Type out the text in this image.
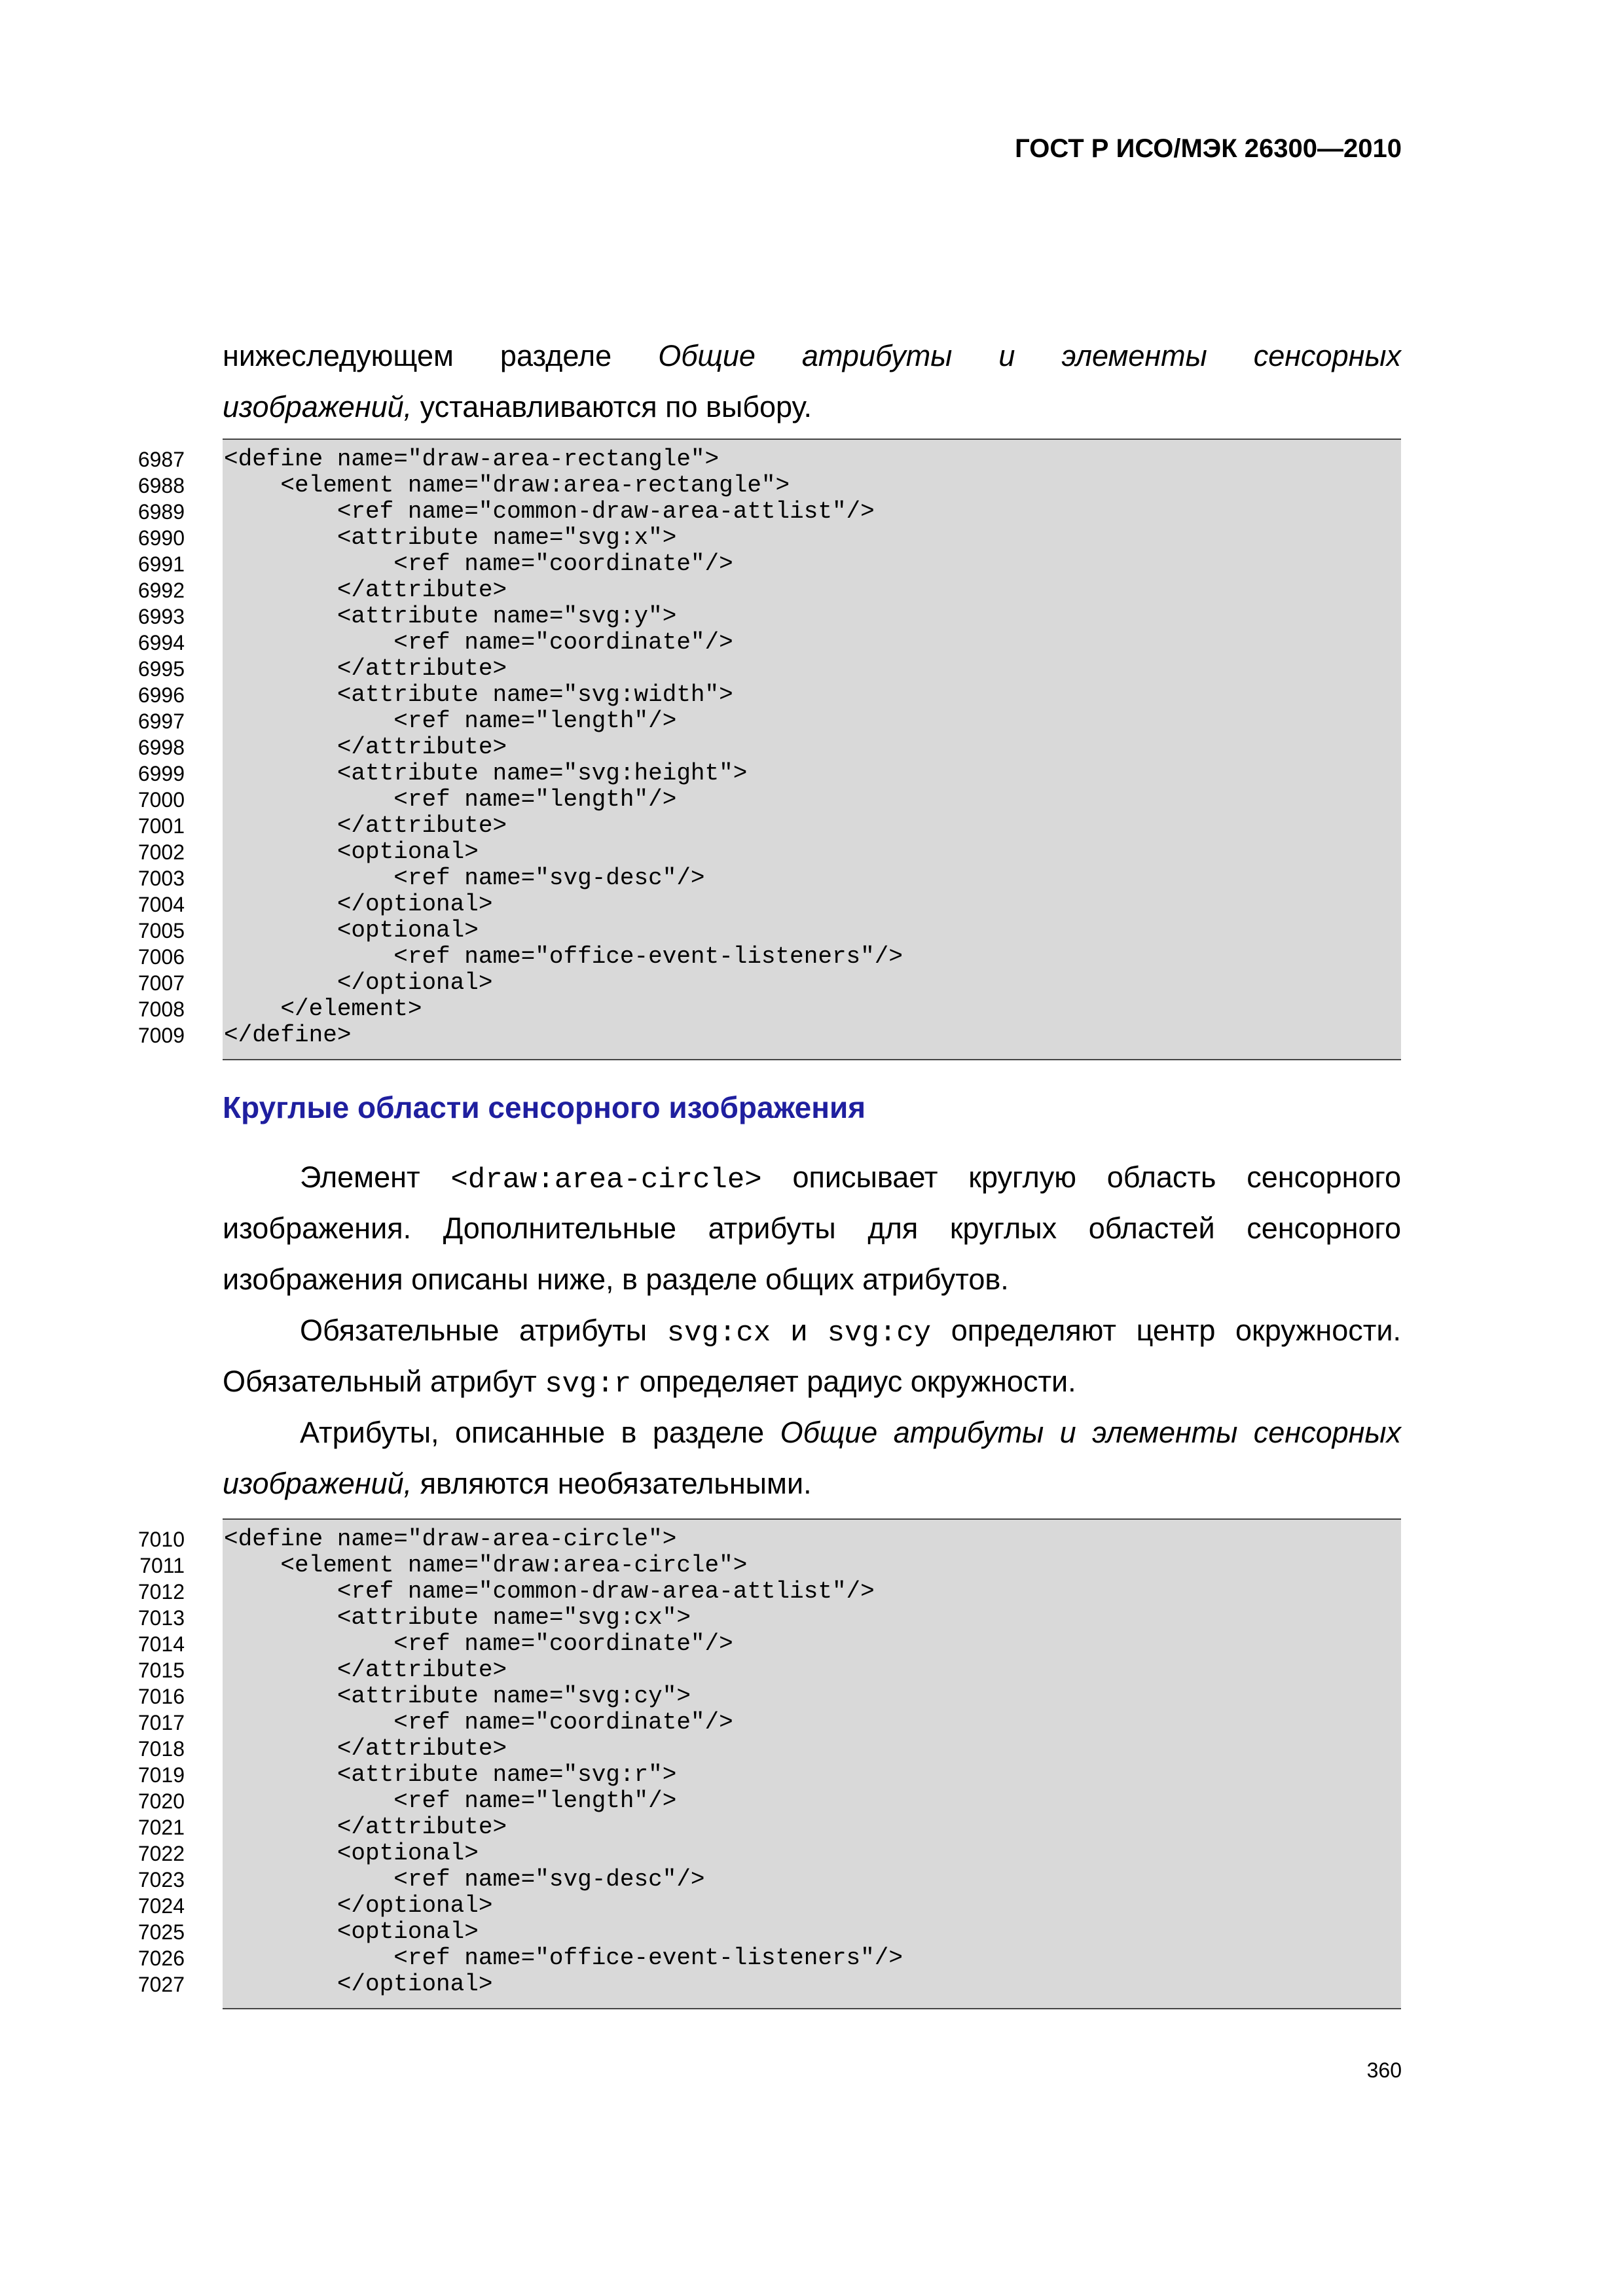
ГОСТ Р ИСО/МЭК 26300—2010
нижеследующем разделе Общие атрибуты и элементы сенсорных
изображений, устанавливаются по выбору.
6987 <define name="draw-area-rectangle">
6988 <element name="draw:area-rectangle">
6989 <ref name="common-draw-area-attlist"/>
6990 <attribute name="svg:x">
6991 <ref name="coordinate"/>
6992 </attribute>
6993 <attribute name="svg:y">
6994 <ref name="coordinate"/>
6995 </attribute>
6996 <attribute name="svg:width">
6997 <ref name="length"/>
6998 </attribute>
6999 <attribute name="svg:height">
7000 <ref name="length"/>
7001 </attribute>
7002 <optional>
7003 <ref name="svg-desc"/>
7004 </optional>
7005 <optional>
7006 <ref name="office-event-listeners"/>
7007 </optional>
7008 </element>
7009 </define>
Круглые области сенсорного изображения
Элемент <draw:area-circle> описывает круглую область сенсорного
изображения. Дополнительные атрибуты для круглых областей сенсорного
изображения описаны ниже, в разделе общих атрибутов.
Обязательные атрибуты svg:cx и svg:cy определяют центр окружности.
Обязательный атрибут svg:r определяет радиус окружности.
Атрибуты, описанные в разделе Общие атрибуты и элементы сенсорных
изображений, являются необязательными.
7010 <define name="draw-area-circle">
7011 <element name="draw:area-circle">
7012 <ref name="common-draw-area-attlist"/>
7013 <attribute name="svg:cx">
7014 <ref name="coordinate"/>
7015 </attribute>
7016 <attribute name="svg:cy">
7017 <ref name="coordinate"/>
7018 </attribute>
7019 <attribute name="svg:r">
7020 <ref name="length"/>
7021 </attribute>
7022 <optional>
7023 <ref name="svg-desc"/>
7024 </optional>
7025 <optional>
7026 <ref name="office-event-listeners"/>
7027 </optional>
360
